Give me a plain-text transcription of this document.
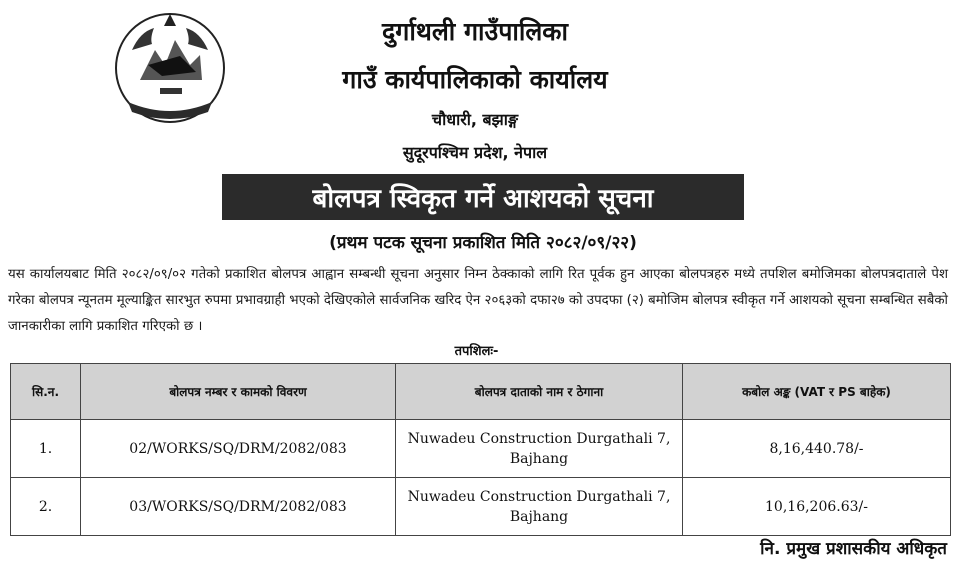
दुर्गाथली गाउँपालिका
गाउँ कार्यपालिकाको कार्यालय
चौधारी, बझाङ्ग
सुदूरपश्चिम प्रदेश, नेपाल
बोलपत्र स्विकृत गर्ने आशयको सूचना
(प्रथम पटक सूचना प्रकाशित मिति २०८२/०९/२२)
यस कार्यालयबाट मिति २०८२/०९/०२ गतेको प्रकाशित बोलपत्र आह्वान सम्बन्धी सूचना अनुसार निम्न ठेक्काको लागि रित पूर्वक हुन आएका बोलपत्रहरु मध्ये तपशिल बमोजिमका बोलपत्रदाताले पेश गरेका बोलपत्र न्यूनतम मूल्याङ्कित सारभुत रुपमा प्रभावग्राही भएको देखिएकोले सार्वजनिक खरिद ऐन २०६३को दफा२७ को उपदफा (२) बमोजिम बोलपत्र स्वीकृत गर्ने आशयको सूचना सम्बन्धित सबैको जानकारीका लागि प्रकाशित गरिएको छ ।
तपशिलः-
सि.न.	बोलपत्र नम्बर र कामको विवरण	बोलपत्र दाताको नाम र ठेगाना	कबोल अङ्क (VAT र PS बाहेक)
1.	02/WORKS/SQ/DRM/2082/083	Nuwadeu Construction Durgathali 7, Bajhang	8,16,440.78/-
2.	03/WORKS/SQ/DRM/2082/083	Nuwadeu Construction Durgathali 7, Bajhang	10,16,206.63/-
नि. प्रमुख प्रशासकीय अधिकृत
